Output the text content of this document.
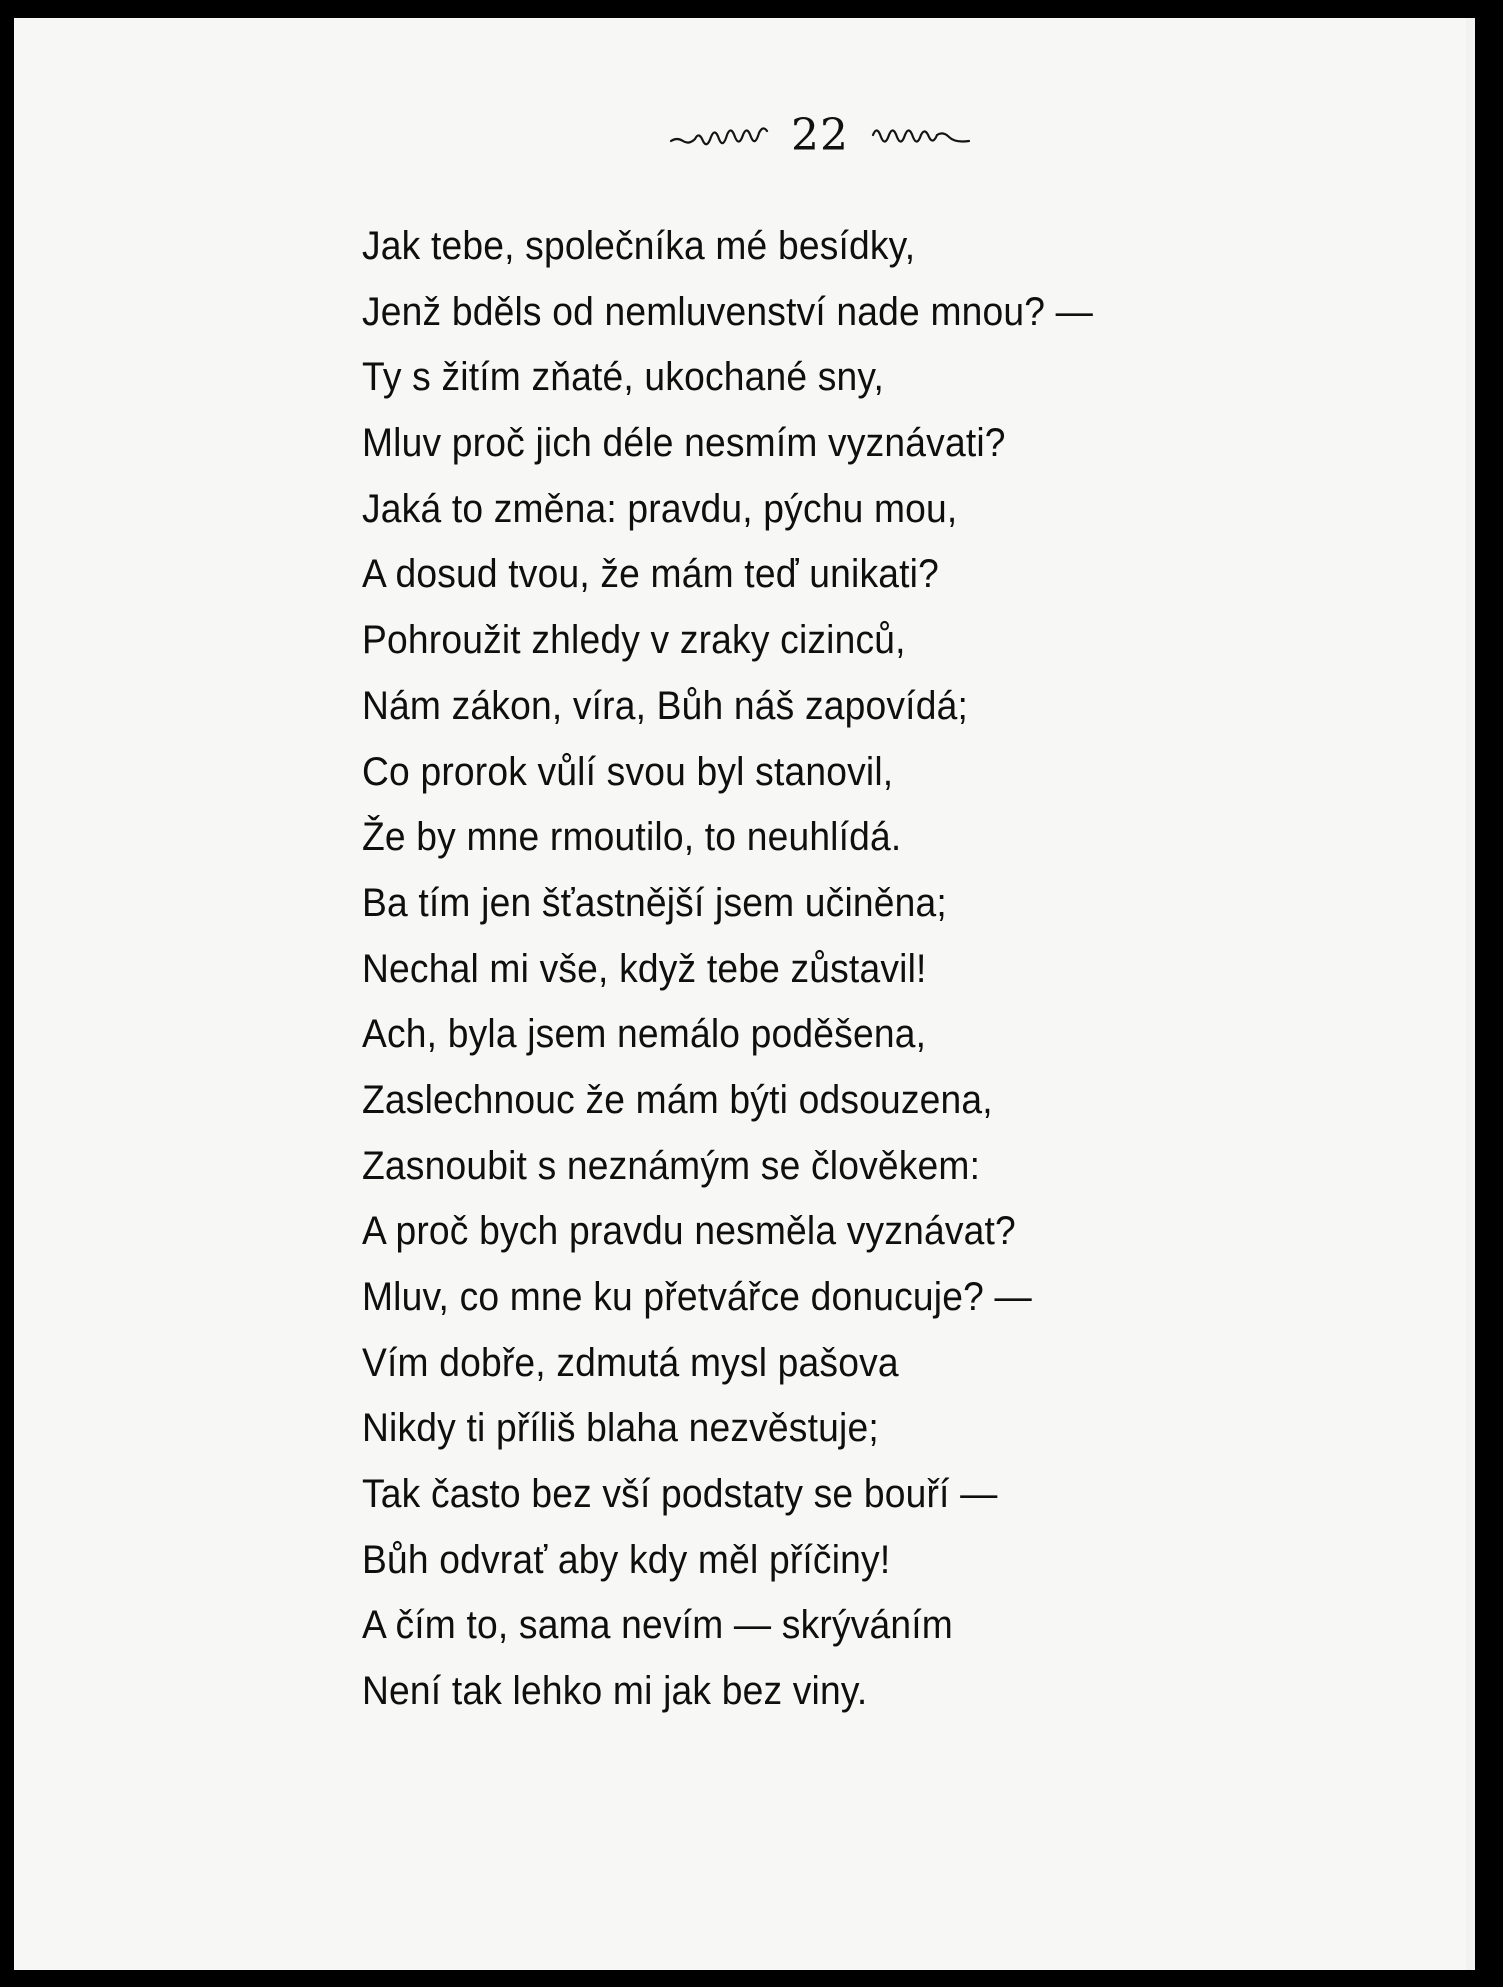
22
Jak tebe, společníka mé besídky,
Jenž bděls od nemluvenství nade mnou? —
Ty s žitím zňaté, ukochané sny,
Mluv proč jich déle nesmím vyznávati?
Jaká to změna: pravdu, pýchu mou,
A dosud tvou, že mám teď unikati?
Pohroužit zhledy v zraky cizinců,
Nám zákon, víra, Bůh náš zapovídá;
Co prorok vůlí svou byl stanovil,
Že by mne rmoutilo, to neuhlídá.
Ba tím jen šťastnější jsem učiněna;
Nechal mi vše, když tebe zůstavil!
Ach, byla jsem nemálo poděšena,
Zaslechnouc že mám býti odsouzena,
Zasnoubit s neznámým se člověkem:
A proč bych pravdu nesměla vyznávat?
Mluv, co mne ku přetvářce donucuje? —
Vím dobře, zdmutá mysl pašova
Nikdy ti příliš blaha nezvěstuje;
Tak často bez vší podstaty se bouří —
Bůh odvrať aby kdy měl příčiny!
A čím to, sama nevím — skrýváním
Není tak lehko mi jak bez viny.
